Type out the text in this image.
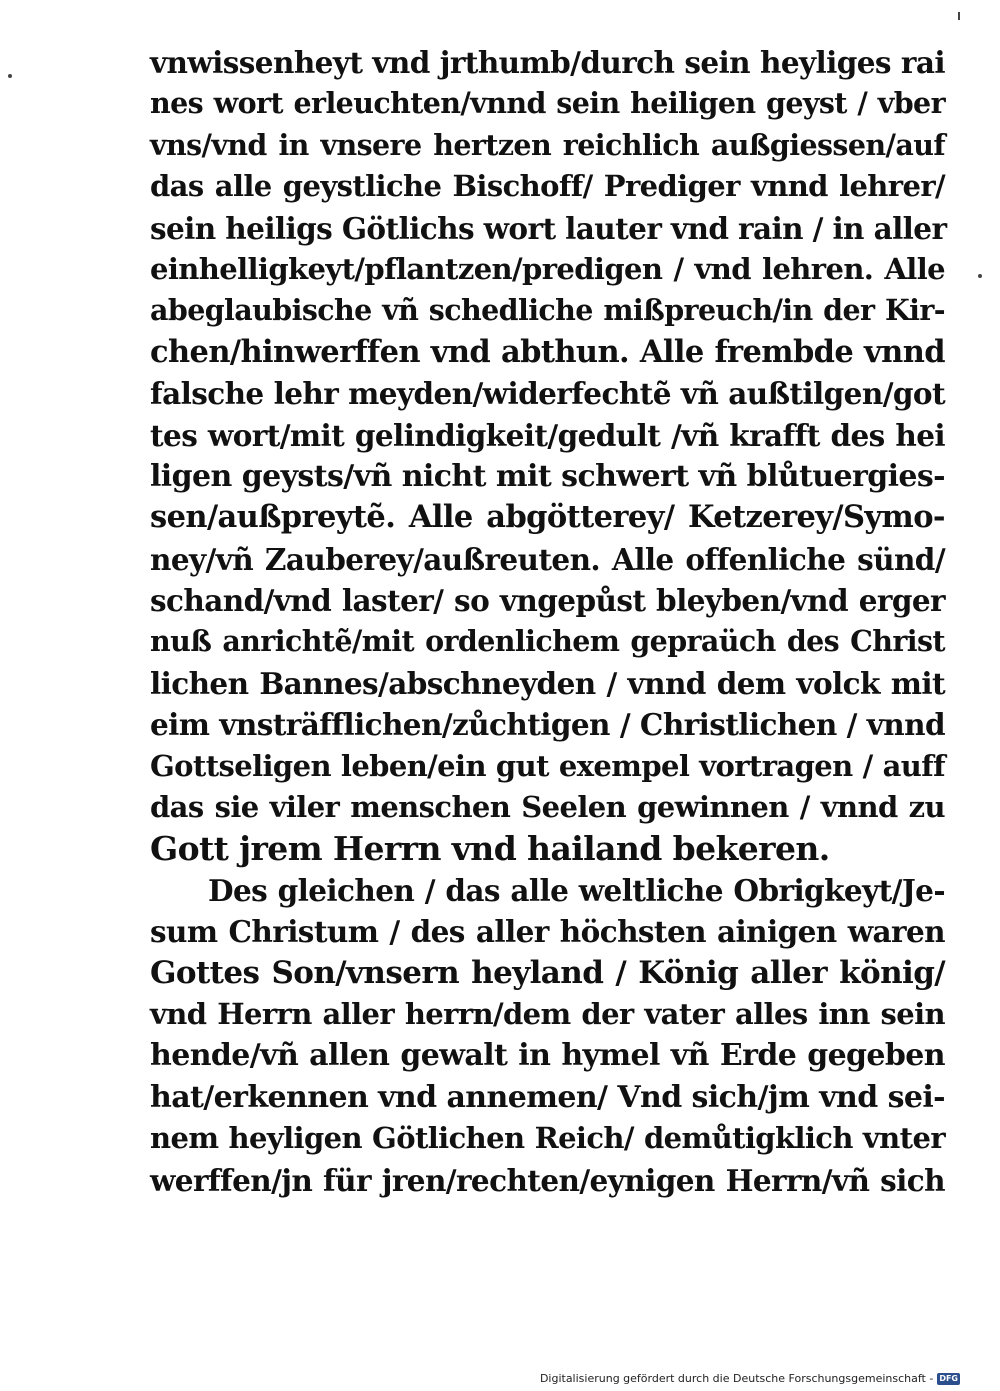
vnwissenheyt vnd jrthumb/durch sein heyliges rai
nes wort erleuchten/vnnd sein heiligen geyst / vber
vns/vnd in vnsere hertzen reichlich außgiessen/auf
das alle geystliche Bischoff/ Prediger vnnd lehrer/
sein heiligs Götlichs wort lauter vnd rain / in aller
einhelligkeyt/pflantzen/predigen / vnd lehren. Alle
abeglaubische vñ schedliche mißpreuch/in der Kir-
chen/hinwerffen vnd abthun. Alle frembde vnnd
falsche lehr meyden/widerfechtẽ vñ außtilgen/got
tes wort/mit gelindigkeit/gedult /vñ krafft des hei
ligen geysts/vñ nicht mit schwert vñ blůtuergies-
sen/außpreytẽ. Alle abgötterey/ Ketzerey/Symo-
ney/vñ Zauberey/außreuten. Alle offenliche sünd/
schand/vnd laster/ so vngepůst bleyben/vnd erger
nuß anrichtẽ/mit ordenlichem gepraüch des Christ
lichen Bannes/abschneyden / vnnd dem volck mit
eim vnsträfflichen/zůchtigen / Christlichen / vnnd
Gottseligen leben/ein gut exempel vortragen / auff
das sie viler menschen Seelen gewinnen / vnnd zu
Gott jrem Herrn vnd hailand bekeren.
Des gleichen / das alle weltliche Obrigkeyt/Je-
sum Christum / des aller höchsten ainigen waren
Gottes Son/vnsern heyland / König aller könig/
vnd Herrn aller herrn/dem der vater alles inn sein
hende/vñ allen gewalt in hymel vñ Erde gegeben
hat/erkennen vnd annemen/ Vnd sich/jm vnd sei-
nem heyligen Götlichen Reich/ demůtigklich vnter
werffen/jn für jren/rechten/eynigen Herrn/vñ sich
Digitalisierung gefördert durch die Deutsche Forschungsgemeinschaft - DFG
